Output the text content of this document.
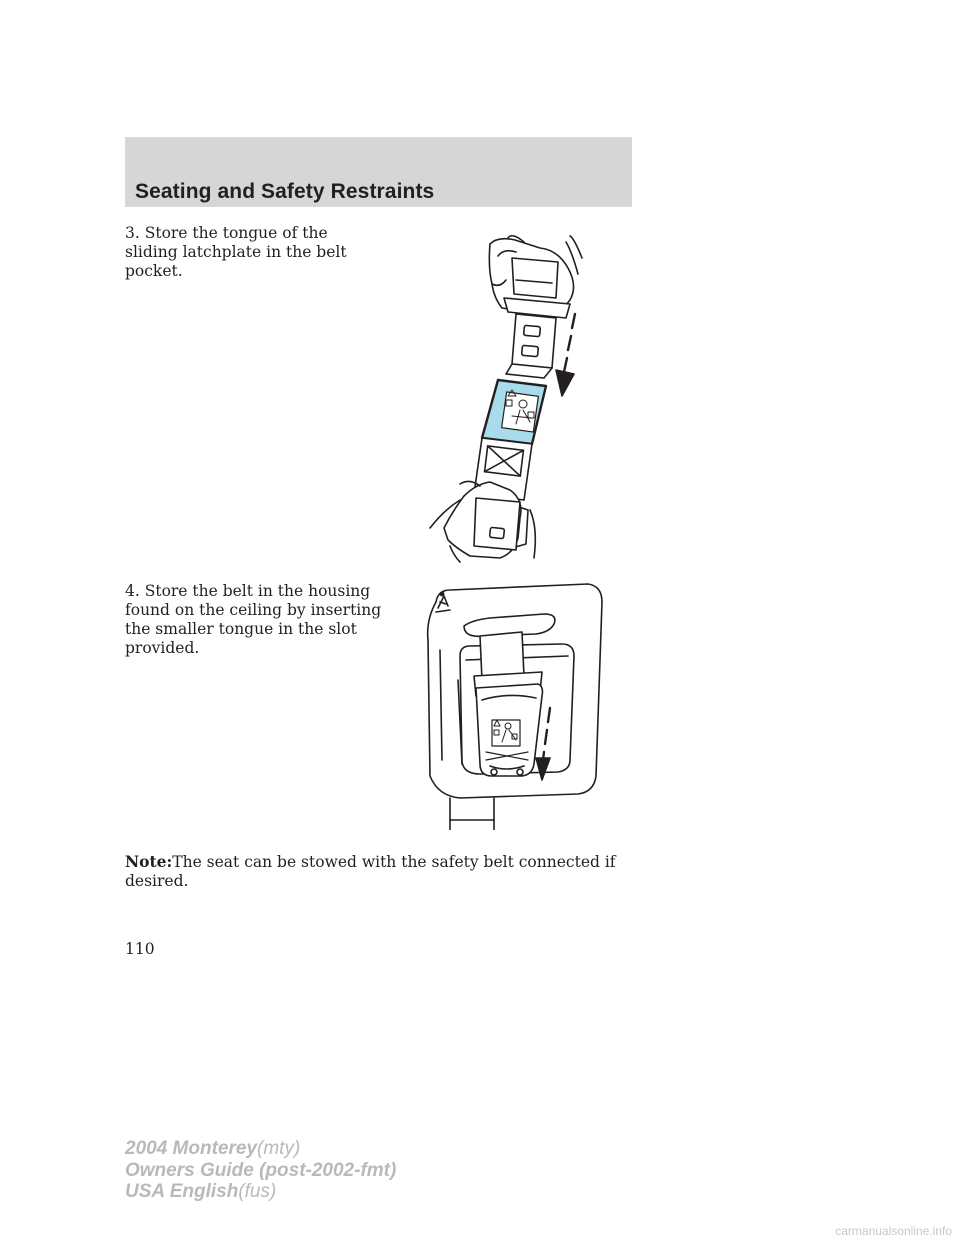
Seating and Safety Restraints

3. Store the tongue of the sliding latchplate in the belt pocket.

4. Store the belt in the housing found on the ceiling by inserting the smaller tongue in the slot provided.

Note:The seat can be stowed with the safety belt connected if desired.

110

2004 Monterey(mty)
Owners Guide (post-2002-fmt)
USA English(fus)

carmanualsonline.info
